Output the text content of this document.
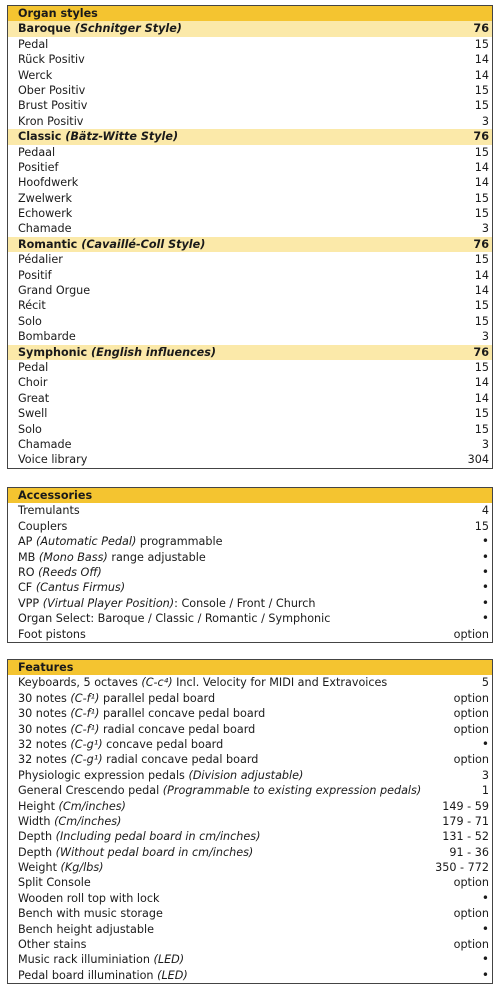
Organ styles
Baroque (Schnitger Style)	76
Pedal	15
Rück Positiv	14
Werck	14
Ober Positiv	15
Brust Positiv	15
Kron Positiv	3
Classic (Bätz-Witte Style)	76
Pedaal	15
Positief	14
Hoofdwerk	14
Zwelwerk	15
Echowerk	15
Chamade	3
Romantic (Cavaillé-Coll Style)	76
Pédalier	15
Positif	14
Grand Orgue	14
Récit	15
Solo	15
Bombarde	3
Symphonic (English influences)	76
Pedal	15
Choir	14
Great	14
Swell	15
Solo	15
Chamade	3
Voice library	304
Accessories
Tremulants	4
Couplers	15
AP (Automatic Pedal) programmable	•
MB (Mono Bass) range adjustable	•
RO (Reeds Off)	•
CF (Cantus Firmus)	•
VPP (Virtual Player Position): Console / Front / Church	•
Organ Select: Baroque / Classic / Romantic / Symphonic	•
Foot pistons	option
Features
Keyboards, 5 octaves (C-c⁴) Incl. Velocity for MIDI and Extravoices	5
30 notes (C-f¹) parallel pedal board	option
30 notes (C-f¹) parallel concave pedal board	option
30 notes (C-f¹) radial concave pedal board	option
32 notes (C-g¹) concave pedal board	•
32 notes (C-g¹) radial concave pedal board	option
Physiologic expression pedals (Division adjustable)	3
General Crescendo pedal (Programmable to existing expression pedals)	1
Height (Cm/inches)	149 - 59
Width (Cm/inches)	179 - 71
Depth (Including pedal board in cm/inches)	131 - 52
Depth (Without pedal board in cm/inches)	91 - 36
Weight (Kg/lbs)	350 - 772
Split Console	option
Wooden roll top with lock	•
Bench with music storage	option
Bench height adjustable	•
Other stains	option
Music rack illuminiation (LED)	•
Pedal board illumination (LED)	•
